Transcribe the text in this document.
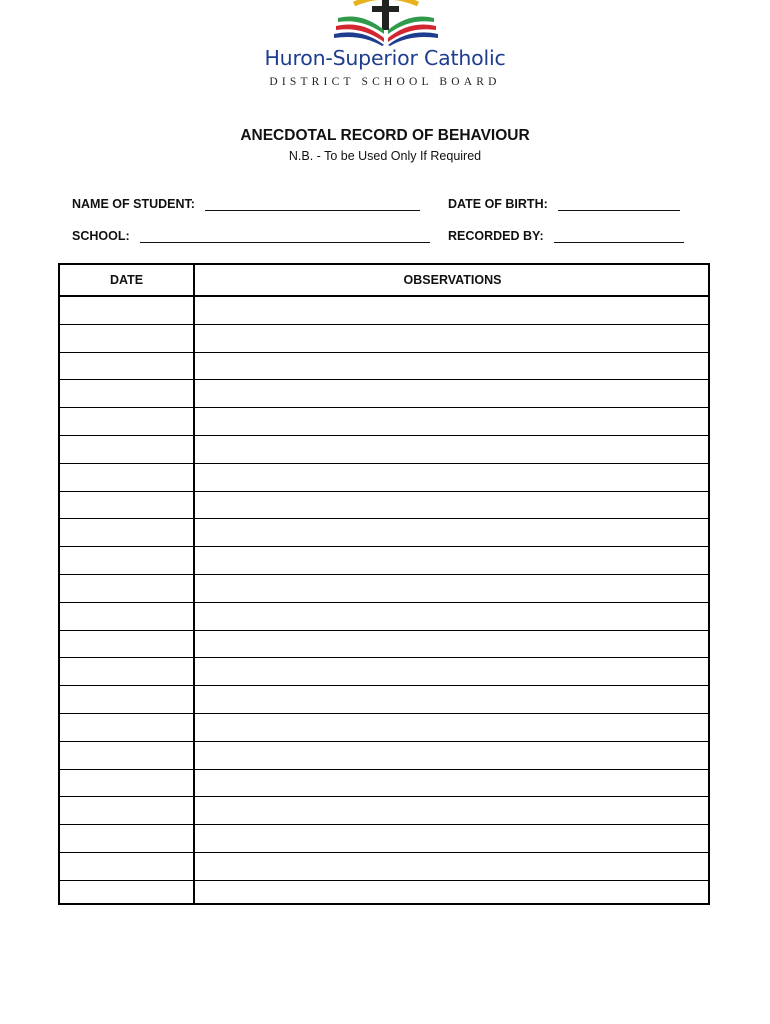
Huron-Superior Catholic
DISTRICT SCHOOL BOARD
ANECDOTAL RECORD OF BEHAVIOUR
N.B. - To be Used Only If Required
NAME OF STUDENT:	DATE OF BIRTH:
SCHOOL:	RECORDED BY:
DATE	OBSERVATIONS
